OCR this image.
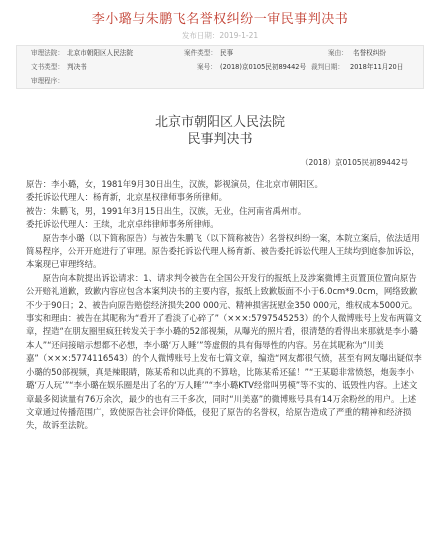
李小璐与朱鹏飞名誉权纠纷一审民事判决书
发布日期：2019-1-21
审理法院： 北京市朝阳区人民法院	案件类型： 民事	案由： 名誉权纠纷
文书类型： 判决书	案号： (2018)京0105民初89442号 裁判日期： 2018年11月20日
审理程序：
北京市朝阳区人民法院
民事判决书
（2018）京0105民初89442号

原告：李小璐，女，1981年9月30日出生，汉族，影视演员，住北京市朝阳区。

委托诉讼代理人：杨育新，北京星权律师事务所律师。

被告：朱鹏飞，男，1991年3月15日出生，汉族，无业，住河南省禹州市。

委托诉讼代理人：王续，北京卓纬律师事务所律师。

原告李小璐（以下简称原告）与被告朱鹏飞（以下简称被告）名誉权纠纷一案，本院立案后，依法适用简易程序，公开开庭进行了审理。原告委托诉讼代理人杨育新、被告委托诉讼代理人王续均到庭参加诉讼，本案现已审理终结。

原告向本院提出诉讼请求：1、请求判令被告在全国公开发行的报纸上及涉案微博主页置顶位置向原告公开赔礼道歉，致歉内容应包含本案判决书的主要内容，报纸上致歉版面不小于6.0cm*9.0cm，网络致歉不少于90日；2、被告向原告赔偿经济损失200 000元、精神损害抚慰金350 000元，维权成本5000元。事实和理由：被告在其昵称为“看开了看淡了心碎了”（×××:5797545253）的个人微博账号上发布两篇文章，捏造“在朋友圈里疯狂转发关于李小璐的52部视频，从曝光的照片看，很清楚的看得出来那就是李小璐本人”“还问接暗示想都不必想，李小璐‘万人睡’”等虚假的具有侮辱性的内容。另在其昵称为“川美嘉”（×××:5774116543）的个人微博账号上发布七篇文章，编造“网友都很气愤，甚至有网友曝出疑似李小璐的50部视频，真是辣眼睛，陈某希和以此真的不算啥，比陈某希还猛！”“王某聪非常愤怒，炮轰李小璐‘万人玩’”“李小璐在娱乐圈是出了名的‘万人睡’”“李小璐KTV经常叫男模”等不实的、诋毁性内容。上述文章最多阅读量有76万余次，最少的也有三千多次，同时“川美嘉”的微博账号具有14万余粉丝的用户。上述文章通过传播范围广，致使原告社会评价降低，侵犯了原告的名誉权，给原告造成了严重的精神和经济损失，故诉至法院。
